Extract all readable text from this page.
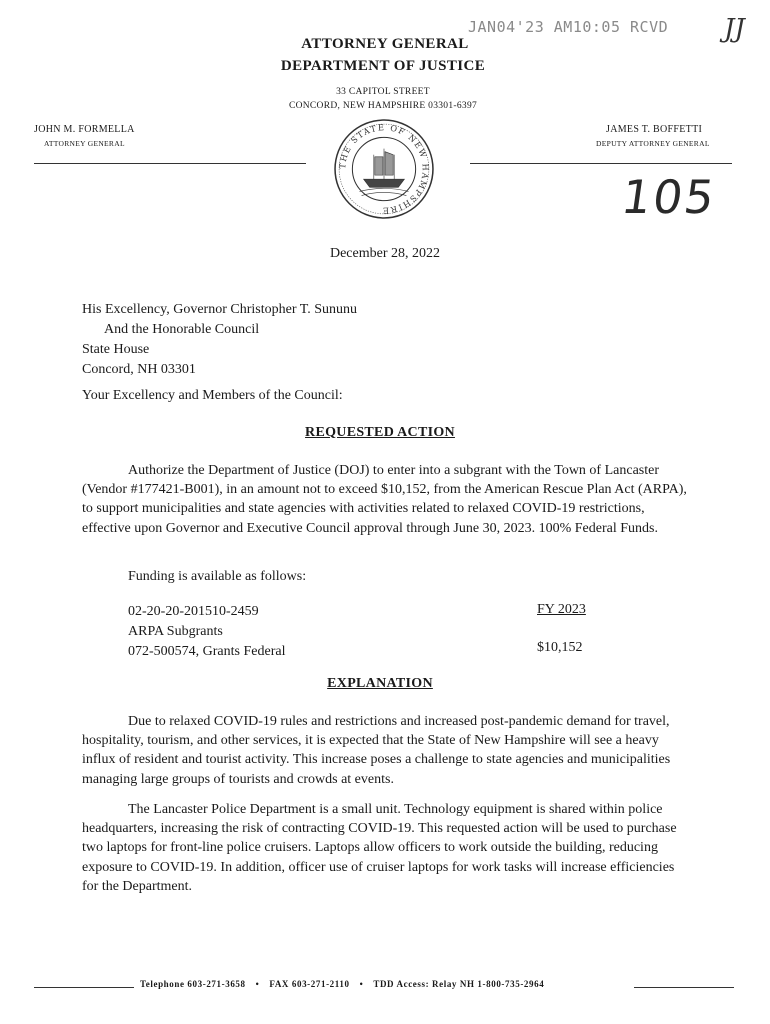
JAN04'23 AM10:05 RCVD JJ
105
ATTORNEY GENERAL
DEPARTMENT OF JUSTICE
33 CAPITOL STREET
CONCORD, NEW HAMPSHIRE 03301-6397
JOHN M. FORMELLA
ATTORNEY GENERAL
JAMES T. BOFFETTI
DEPUTY ATTORNEY GENERAL
THE STATE OF NEW HAMPSHIRE
December 28, 2022
His Excellency, Governor Christopher T. Sununu
And the Honorable Council
State House
Concord, NH 03301
Your Excellency and Members of the Council:
REQUESTED ACTION

Authorize the Department of Justice (DOJ) to enter into a subgrant with the Town of Lancaster (Vendor #177421-B001), in an amount not to exceed $10,152, from the American Rescue Plan Act (ARPA), to support municipalities and state agencies with activities related to relaxed COVID-19 restrictions, effective upon Governor and Executive Council approval through June 30, 2023. 100% Federal Funds.

Funding is available as follows:
02-20-20-201510-2459
ARPA Subgrants
072-500574, Grants Federal
FY 2023
$10,152
EXPLANATION

Due to relaxed COVID-19 rules and restrictions and increased post-pandemic demand for travel, hospitality, tourism, and other services, it is expected that the State of New Hampshire will see a heavy influx of resident and tourist activity. This increase poses a challenge to state agencies and municipalities managing large groups of tourists and crowds at events.

The Lancaster Police Department is a small unit. Technology equipment is shared within police headquarters, increasing the risk of contracting COVID-19. This requested action will be used to purchase two laptops for front-line police cruisers. Laptops allow officers to work outside the building, reducing exposure to COVID-19. In addition, officer use of cruiser laptops for work tasks will increase efficiencies for the Department.

Telephone 603-271-3658 • FAX 603-271-2110 • TDD Access: Relay NH 1-800-735-2964
